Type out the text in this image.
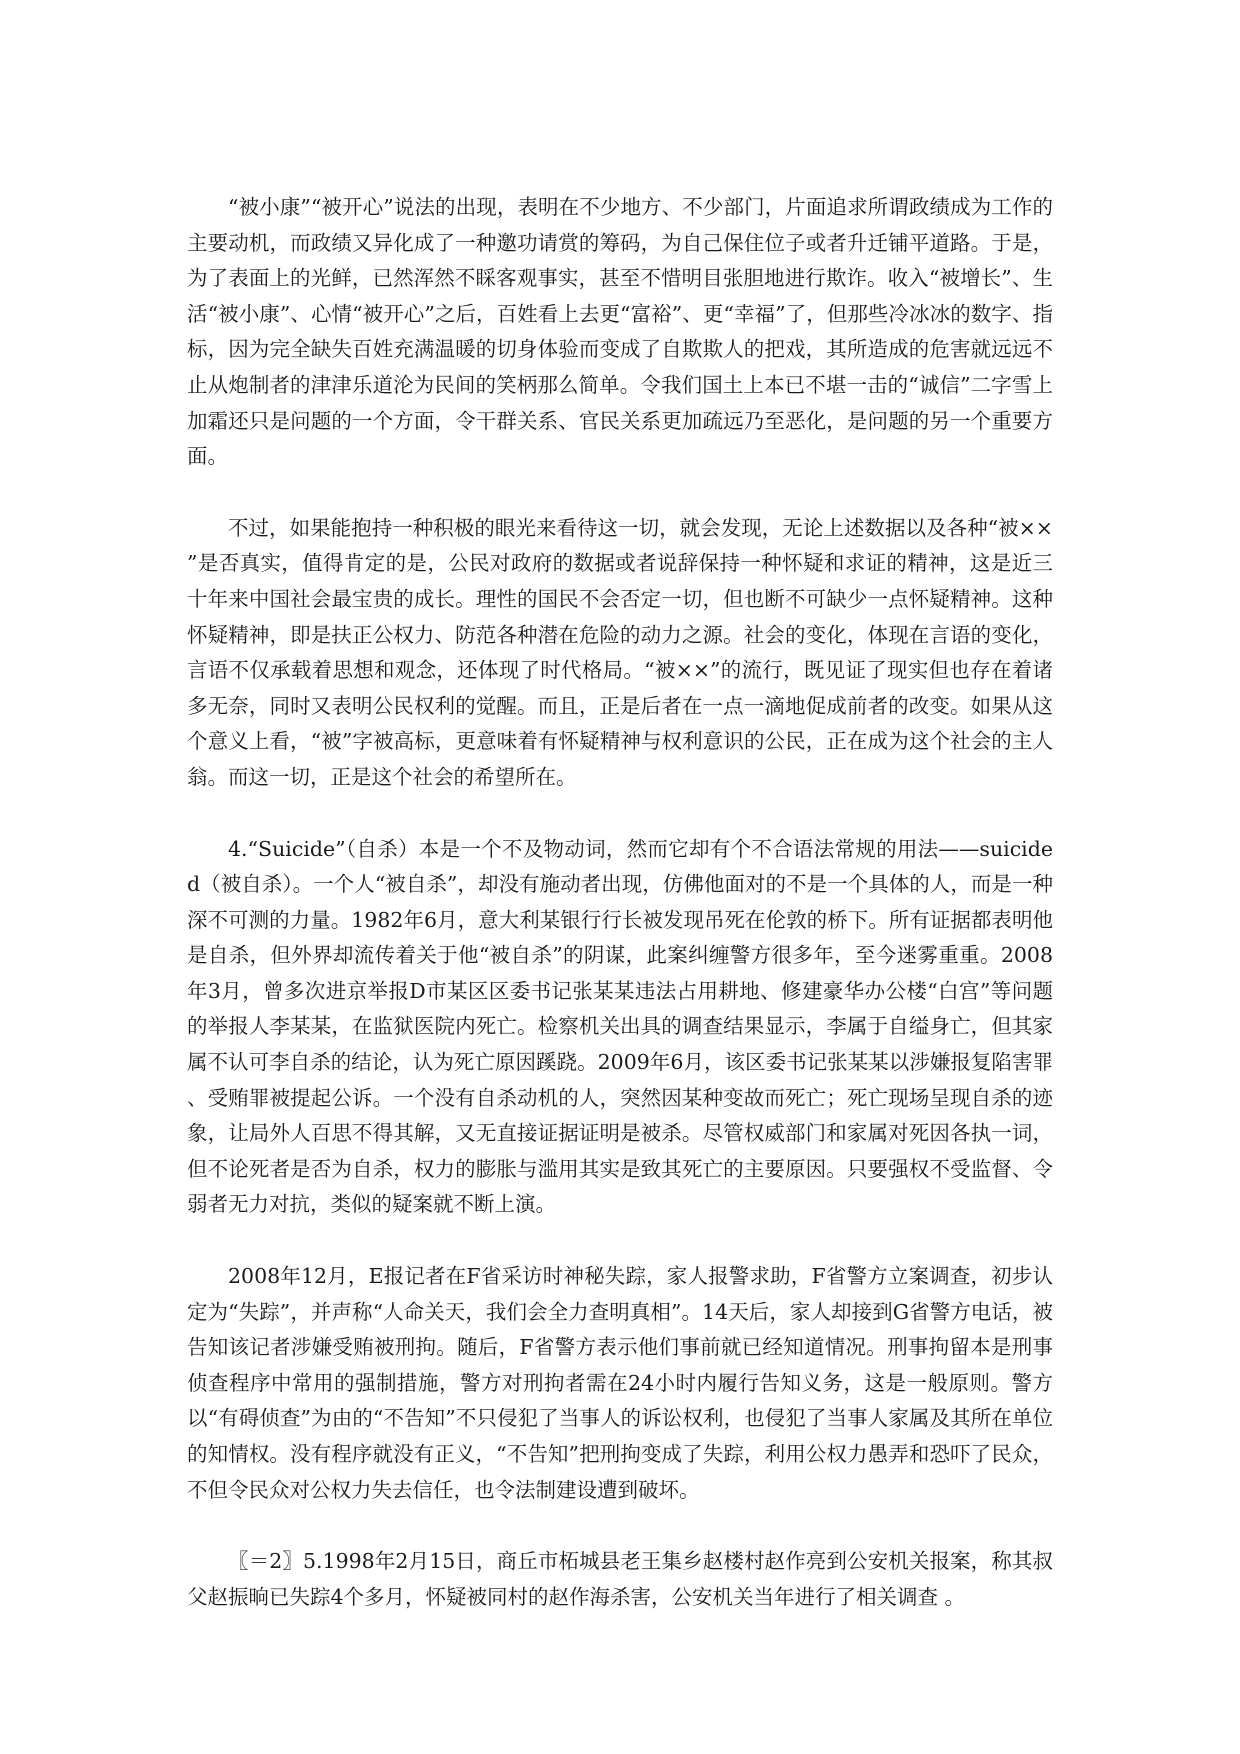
“被小康”“被开心”说法的出现，表明在不少地方、不少部门，片面追求所谓政绩成为工作的主要动机，而政绩又异化成了一种邀功请赏的筹码，为自己保住位子或者升迁铺平道路。于是，为了表面上的光鲜，已然浑然不睬客观事实，甚至不惜明目张胆地进行欺诈。收入“被增长”、生活“被小康”、心情“被开心”之后，百姓看上去更“富裕”、更“幸福”了，但那些冷冰冰的数字、指标，因为完全缺失百姓充满温暖的切身体验而变成了自欺欺人的把戏，其所造成的危害就远远不止从炮制者的津津乐道沦为民间的笑柄那么简单。令我们国土上本已不堪一击的“诚信”二字雪上加霜还只是问题的一个方面，令干群关系、官民关系更加疏远乃至恶化，是问题的另一个重要方面。

不过，如果能抱持一种积极的眼光来看待这一切，就会发现，无论上述数据以及各种“被××”是否真实，值得肯定的是，公民对政府的数据或者说辞保持一种怀疑和求证的精神，这是近三十年来中国社会最宝贵的成长。理性的国民不会否定一切，但也断不可缺少一点怀疑精神。这种怀疑精神，即是扶正公权力、防范各种潜在危险的动力之源。社会的变化，体现在言语的变化，言语不仅承载着思想和观念，还体现了时代格局。“被××”的流行，既见证了现实但也存在着诸多无奈，同时又表明公民权利的觉醒。而且，正是后者在一点一滴地促成前者的改变。如果从这个意义上看，“被”字被高标，更意味着有怀疑精神与权利意识的公民，正在成为这个社会的主人翁。而这一切，正是这个社会的希望所在。

4.“Suicide”（自杀）本是一个不及物动词，然而它却有个不合语法常规的用法——suicided（被自杀）。一个人“被自杀”，却没有施动者出现，仿佛他面对的不是一个具体的人，而是一种深不可测的力量。1982年6月，意大利某银行行长被发现吊死在伦敦的桥下。所有证据都表明他是自杀，但外界却流传着关于他“被自杀”的阴谋，此案纠缠警方很多年，至今迷雾重重。2008年3月，曾多次进京举报D市某区区委书记张某某违法占用耕地、修建豪华办公楼“白宫”等问题的举报人李某某，在监狱医院内死亡。检察机关出具的调查结果显示，李属于自缢身亡，但其家属不认可李自杀的结论，认为死亡原因蹊跷。2009年6月，该区委书记张某某以涉嫌报复陷害罪、受贿罪被提起公诉。一个没有自杀动机的人，突然因某种变故而死亡；死亡现场呈现自杀的迹象，让局外人百思不得其解，又无直接证据证明是被杀。尽管权威部门和家属对死因各执一词，但不论死者是否为自杀，权力的膨胀与滥用其实是致其死亡的主要原因。只要强权不受监督、令弱者无力对抗，类似的疑案就不断上演。

2008年12月，E报记者在F省采访时神秘失踪，家人报警求助，F省警方立案调查，初步认定为“失踪”，并声称“人命关天，我们会全力查明真相”。14天后，家人却接到G省警方电话，被告知该记者涉嫌受贿被刑拘。随后，F省警方表示他们事前就已经知道情况。刑事拘留本是刑事侦查程序中常用的强制措施，警方对刑拘者需在24小时内履行告知义务，这是一般原则。警方以“有碍侦查”为由的“不告知”不只侵犯了当事人的诉讼权利，也侵犯了当事人家属及其所在单位的知情权。没有程序就没有正义，“不告知”把刑拘变成了失踪，利用公权力愚弄和恐吓了民众，不但令民众对公权力失去信任，也令法制建设遭到破坏。

〖＝2〗5.1998年2月15日，商丘市柘城县老王集乡赵楼村赵作亮到公安机关报案，称其叔父赵振晌已失踪4个多月，怀疑被同村的赵作海杀害，公安机关当年进行了相关调查 。
